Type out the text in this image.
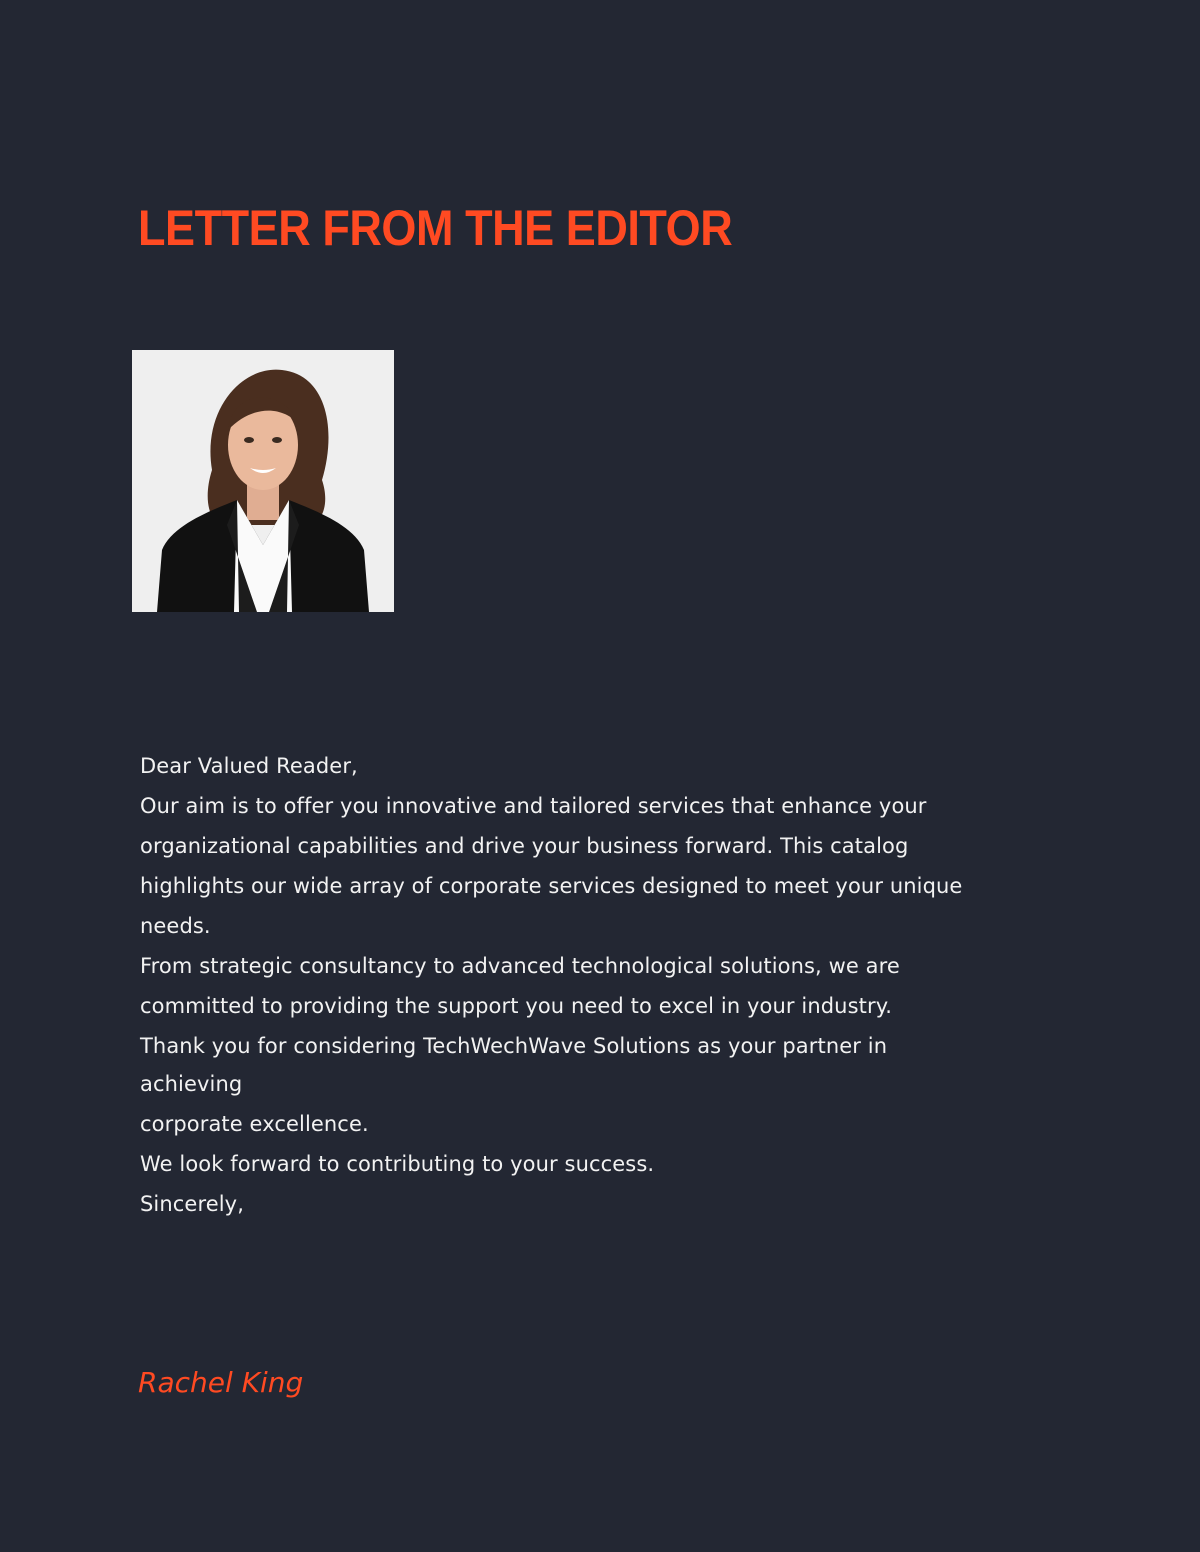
LETTER FROM THE EDITOR
Dear Valued Reader,
Our aim is to offer you innovative and tailored services that enhance your
organizational capabilities and drive your business forward. This catalog
highlights our wide array of corporate services designed to meet your unique
needs.
From strategic consultancy to advanced technological solutions, we are
committed to providing the support you need to excel in your industry.
Thank you for considering TechWechWave Solutions as your partner in
achieving
corporate excellence.
We look forward to contributing to your success.
Sincerely,
Rachel King
